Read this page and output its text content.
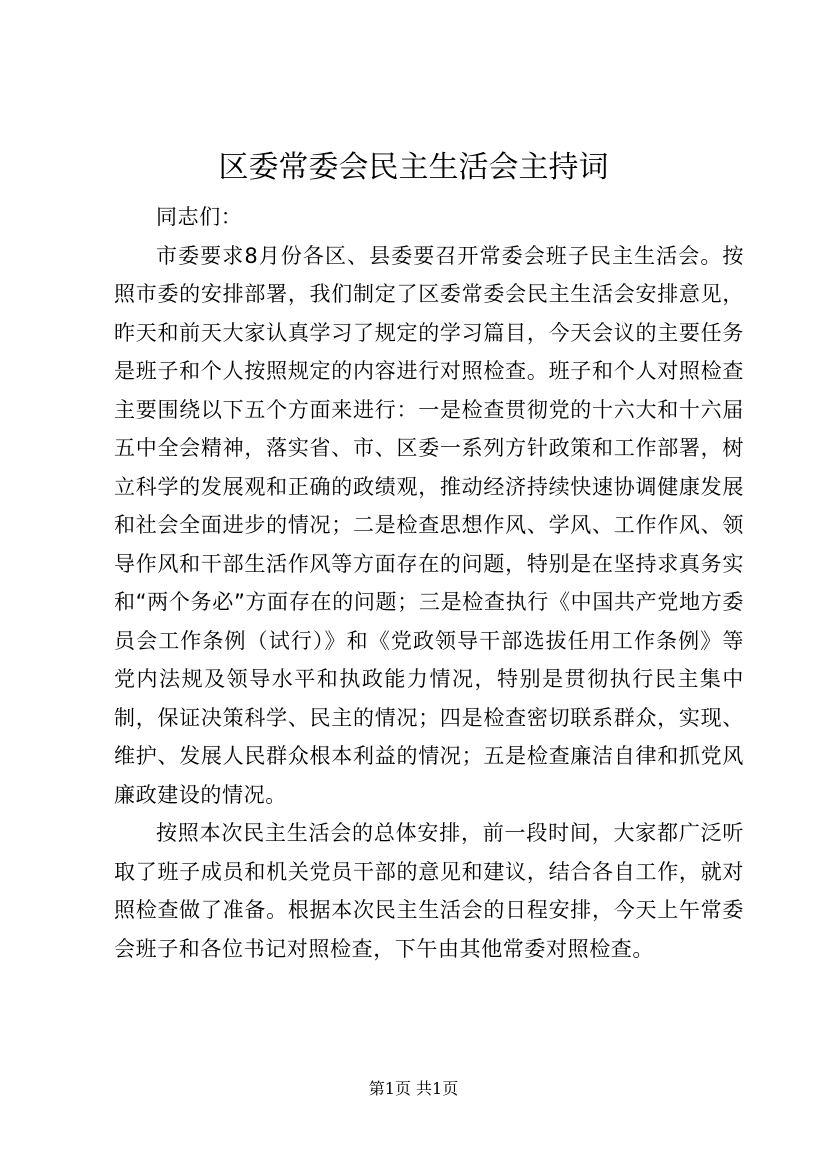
区委常委会民主生活会主持词

同志们：

市委要求8月份各区、县委要召开常委会班子民主生活会。按照市委的安排部署，我们制定了区委常委会民主生活会安排意见，昨天和前天大家认真学习了规定的学习篇目，今天会议的主要任务是班子和个人按照规定的内容进行对照检查。班子和个人对照检查主要围绕以下五个方面来进行：一是检查贯彻党的十六大和十六届五中全会精神，落实省、市、区委一系列方针政策和工作部署，树立科学的发展观和正确的政绩观，推动经济持续快速协调健康发展和社会全面进步的情况；二是检查思想作风、学风、工作作风、领导作风和干部生活作风等方面存在的问题，特别是在坚持求真务实和“两个务必”方面存在的问题；三是检查执行《中国共产党地方委员会工作条例（试行）》和《党政领导干部选拔任用工作条例》等党内法规及领导水平和执政能力情况，特别是贯彻执行民主集中制，保证决策科学、民主的情况；四是检查密切联系群众，实现、维护、发展人民群众根本利益的情况；五是检查廉洁自律和抓党风廉政建设的情况。

按照本次民主生活会的总体安排，前一段时间，大家都广泛听取了班子成员和机关党员干部的意见和建议，结合各自工作，就对照检查做了准备。根据本次民主生活会的日程安排，今天上午常委会班子和各位书记对照检查，下午由其他常委对照检查。

第1页 共1页
